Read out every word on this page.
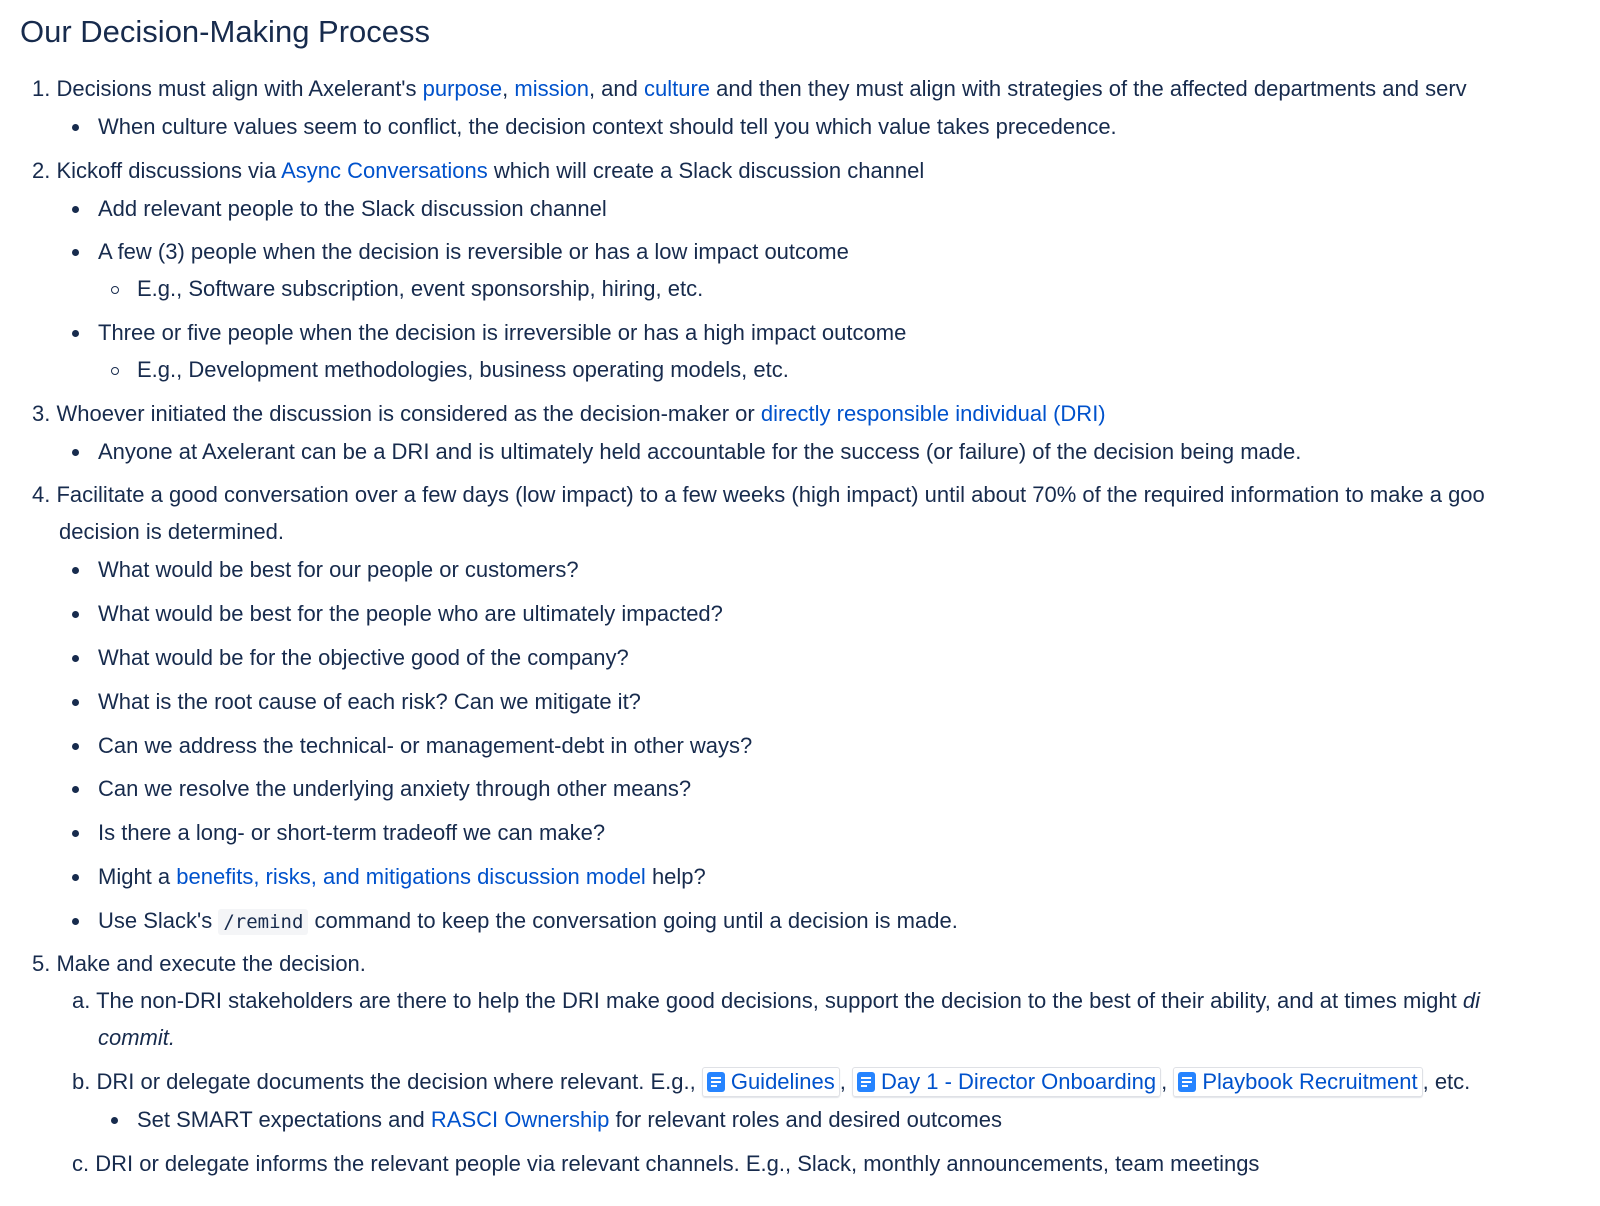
Our Decision-Making Process
1. Decisions must align with Axelerant's purpose, mission, and culture and then they must align with strategies of the affected departments and serv
When culture values seem to conflict, the decision context should tell you which value takes precedence.
2. Kickoff discussions via Async Conversations which will create a Slack discussion channel
Add relevant people to the Slack discussion channel
A few (3) people when the decision is reversible or has a low impact outcome
E.g., Software subscription, event sponsorship, hiring, etc.
Three or five people when the decision is irreversible or has a high impact outcome
E.g., Development methodologies, business operating models, etc.
3. Whoever initiated the discussion is considered as the decision-maker or directly responsible individual (DRI)
Anyone at Axelerant can be a DRI and is ultimately held accountable for the success (or failure) of the decision being made.
4. Facilitate a good conversation over a few days (low impact) to a few weeks (high impact) until about 70% of the required information to make a goo
decision is determined.
What would be best for our people or customers?
What would be best for the people who are ultimately impacted?
What would be for the objective good of the company?
What is the root cause of each risk? Can we mitigate it?
Can we address the technical- or management-debt in other ways?
Can we resolve the underlying anxiety through other means?
Is there a long- or short-term tradeoff we can make?
Might a benefits, risks, and mitigations discussion model help?
Use Slack's /remind command to keep the conversation going until a decision is made.
5. Make and execute the decision.
a. The non-DRI stakeholders are there to help the DRI make good decisions, support the decision to the best of their ability, and at times might di
commit.
b. DRI or delegate documents the decision where relevant. E.g., Guidelines , Day 1 - Director Onboarding , Playbook Recruitment , etc.
Set SMART expectations and RASCI Ownership for relevant roles and desired outcomes
c. DRI or delegate informs the relevant people via relevant channels. E.g., Slack, monthly announcements, team meetings
